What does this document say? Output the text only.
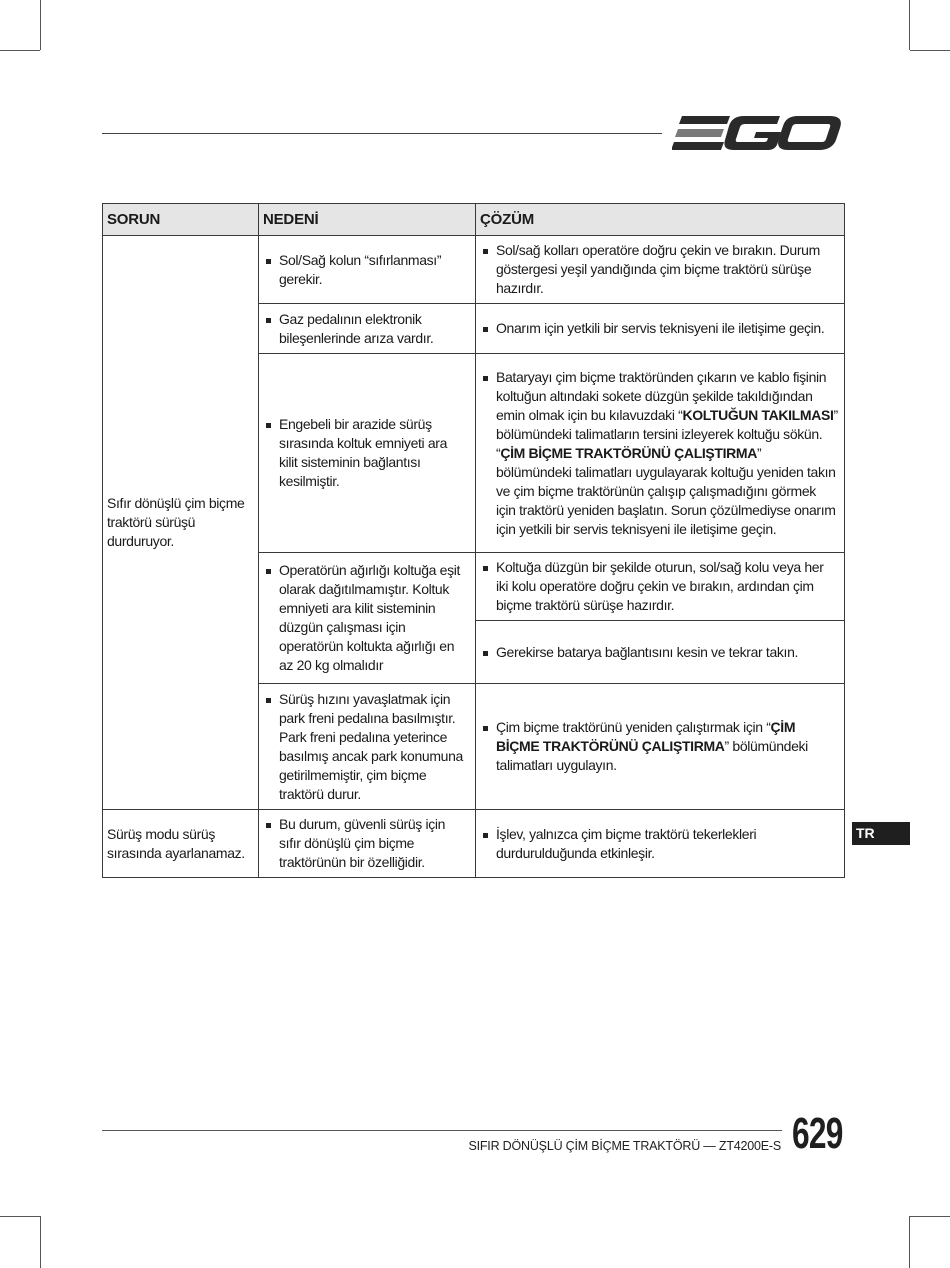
SORUN	NEDENİ	ÇÖZÜM

Sıfır dönüşlü çim biçme traktörü sürüşü durduruyor.	Sol/Sağ kolun “sıfırlanması” gerekir.	Sol/sağ kolları operatöre doğru çekin ve bırakın. Durum göstergesi yeşil yandığında çim biçme traktörü sürüşe hazırdır.

	Gaz pedalının elektronik bileşenlerinde arıza vardır.	Onarım için yetkili bir servis teknisyeni ile iletişime geçin.

	Engebeli bir arazide sürüş sırasında koltuk emniyeti ara kilit sisteminin bağlantısı kesilmiştir.	Bataryayı çim biçme traktöründen çıkarın ve kablo fişinin koltuğun altındaki sokete düzgün şekilde takıldığından emin olmak için bu kılavuzdaki “KOLTUĞUN TAKILMASI” bölümündeki talimatların tersini izleyerek koltuğu sökün. “ÇİM BİÇME TRAKTÖRÜNÜ ÇALIŞTIRMA” bölümündeki talimatları uygulayarak koltuğu yeniden takın ve çim biçme traktörünün çalışıp çalışmadığını görmek için traktörü yeniden başlatın. Sorun çözülmediyse onarım için yetkili bir servis teknisyeni ile iletişime geçin.

	Operatörün ağırlığı koltuğa eşit olarak dağıtılmamıştır. Koltuk emniyeti ara kilit sisteminin düzgün çalışması için operatörün koltukta ağırlığı en az 20 kg olmalıdır	Koltuğa düzgün bir şekilde oturun, sol/sağ kolu veya her iki kolu operatöre doğru çekin ve bırakın, ardından çim biçme traktörü sürüşe hazırdır.

		Gerekirse batarya bağlantısını kesin ve tekrar takın.

	Sürüş hızını yavaşlatmak için park freni pedalına basılmıştır. Park freni pedalına yeterince basılmış ancak park konumuna getirilmemiştir, çim biçme traktörü durur.	Çim biçme traktörünü yeniden çalıştırmak için “ÇİM BİÇME TRAKTÖRÜNÜ ÇALIŞTIRMA” bölümündeki talimatları uygulayın.

Sürüş modu sürüş sırasında ayarlanamaz.	Bu durum, güvenli sürüş için sıfır dönüşlü çim biçme traktörünün bir özelliğidir.	İşlev, yalnızca çim biçme traktörü tekerlekleri durdurulduğunda etkinleşir.
TR
SIFIR DÖNÜŞLÜ ÇİM BİÇME TRAKTÖRÜ — ZT4200E-S 629
